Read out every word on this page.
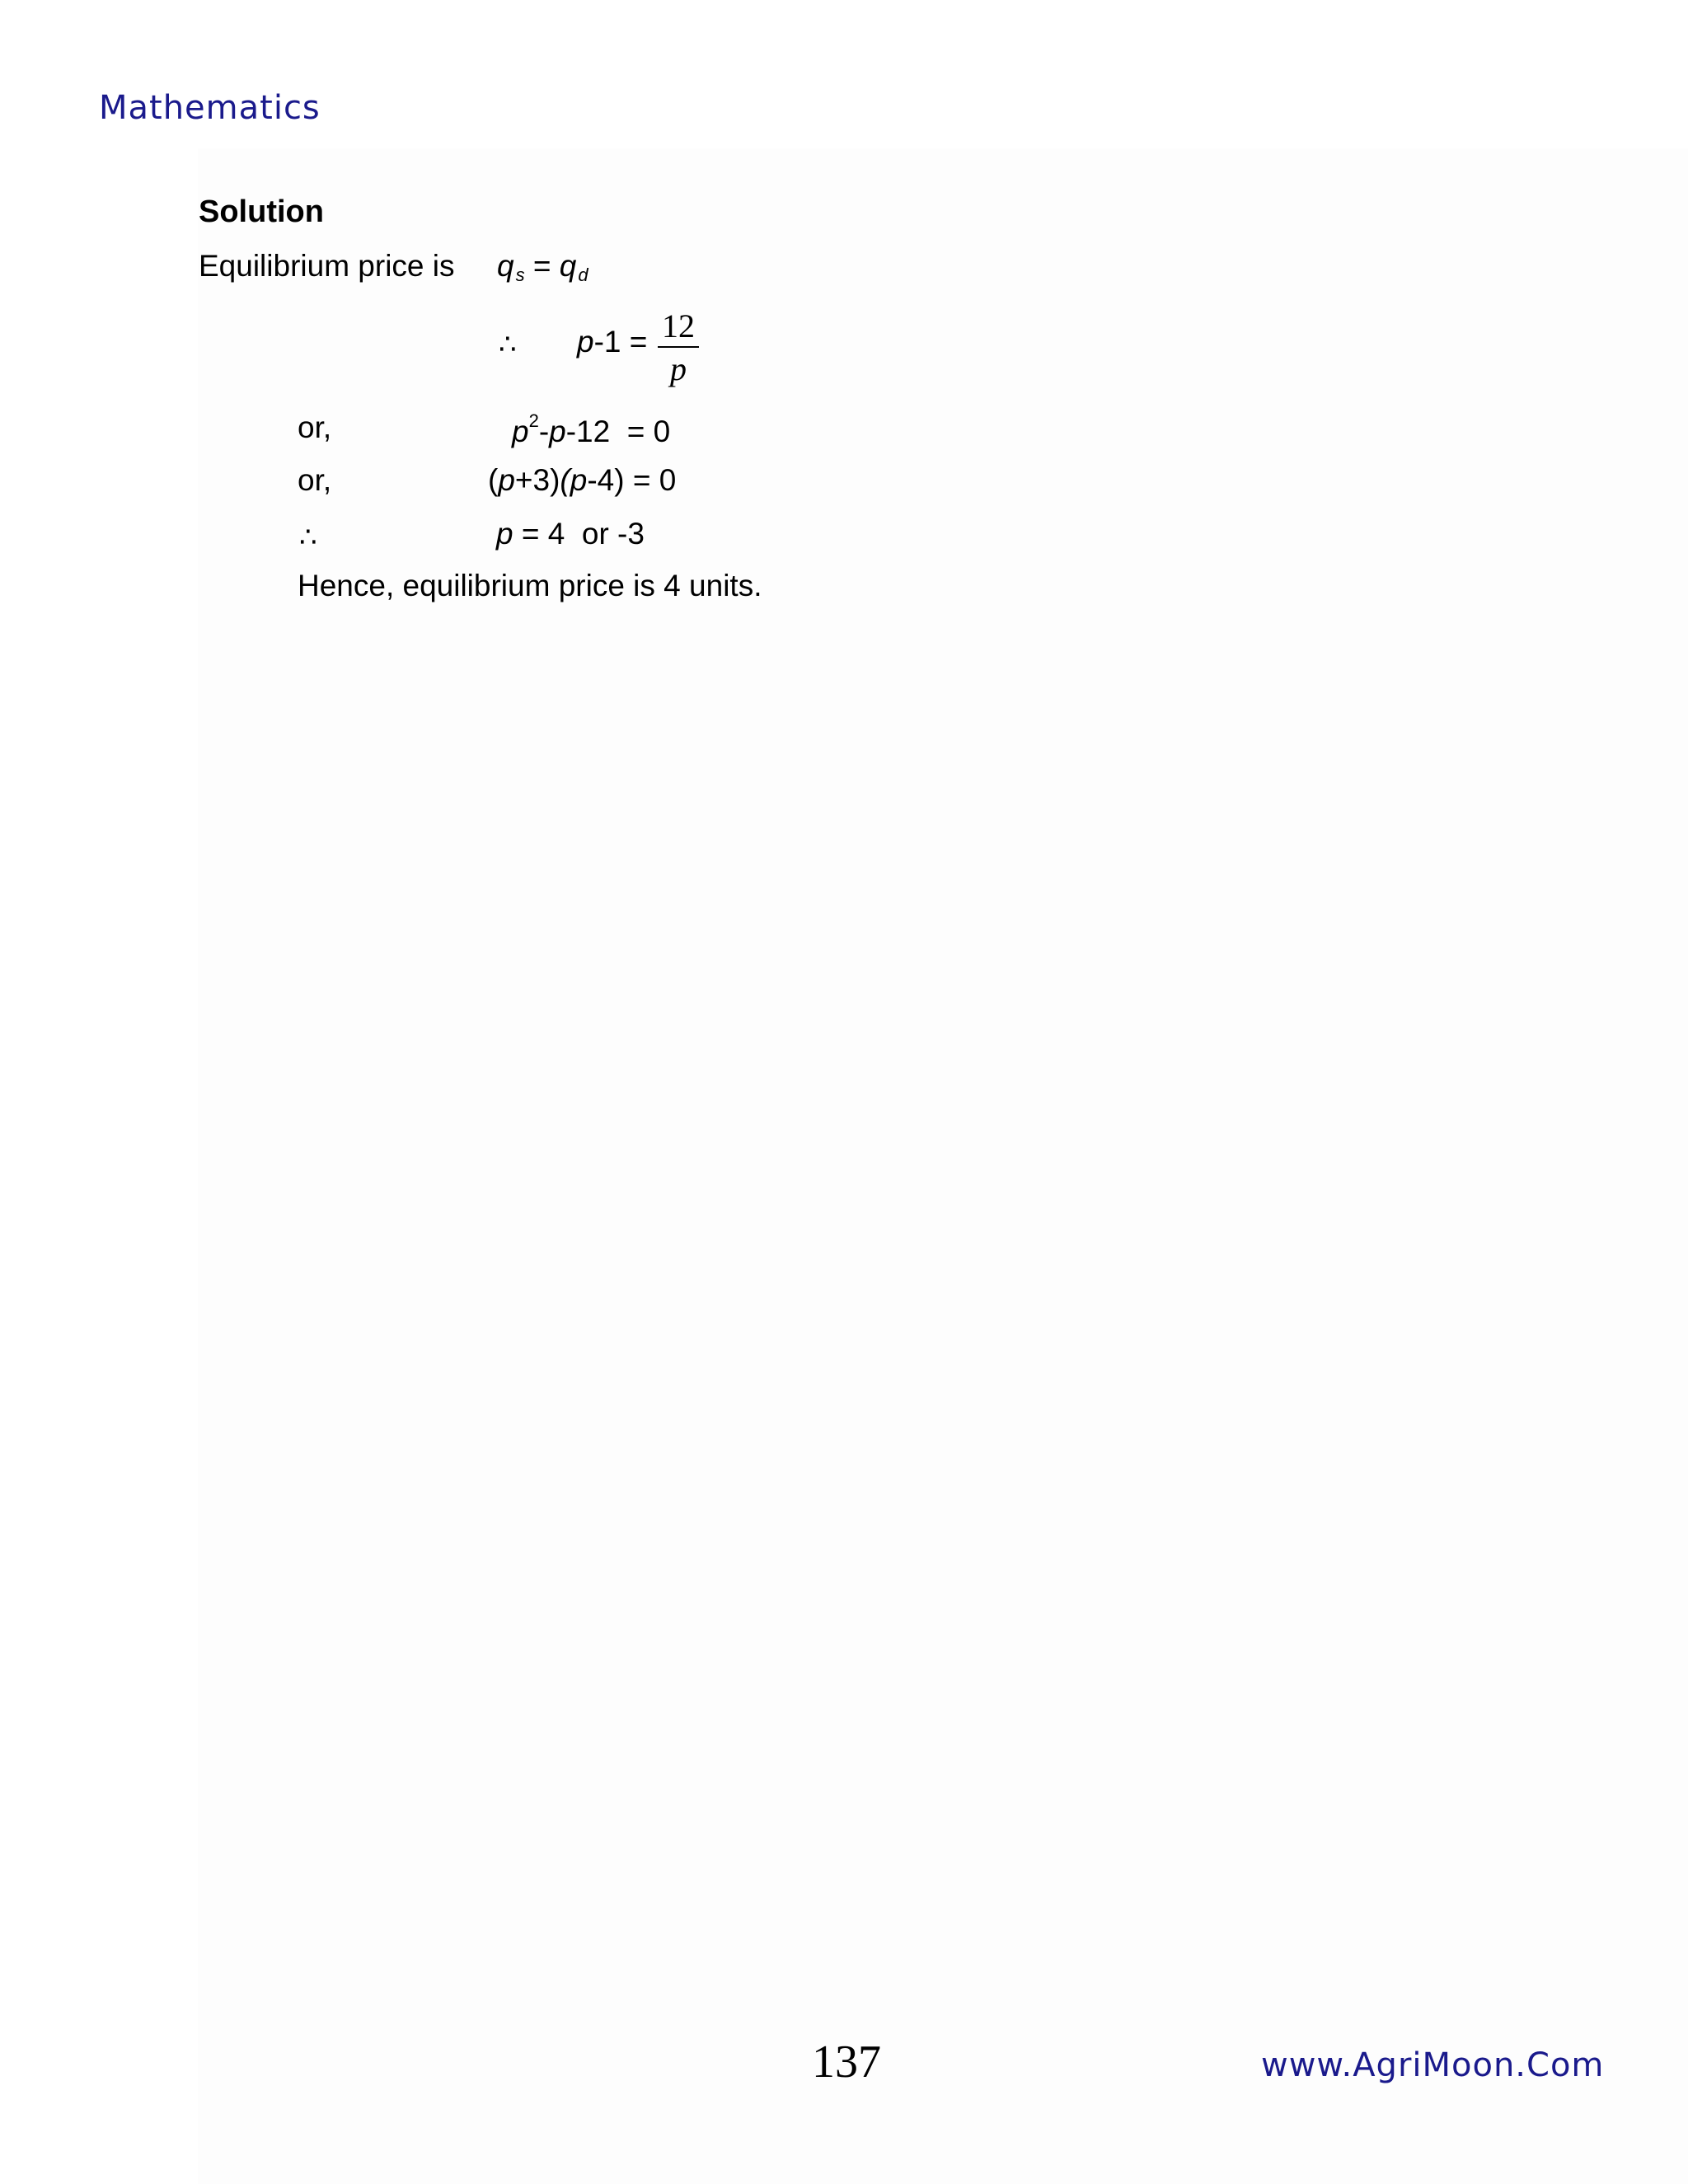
Mathematics
Solution
Equilibrium price is $q_s = q_d$
∴ p-1 = 12
p
or,	$p^2-p-12 = 0$
or,	(p+3)(p-4) = 0
∴	p = 4  or -3
Hence, equilibrium price is 4 units.
137	www.AgriMoon.Com
